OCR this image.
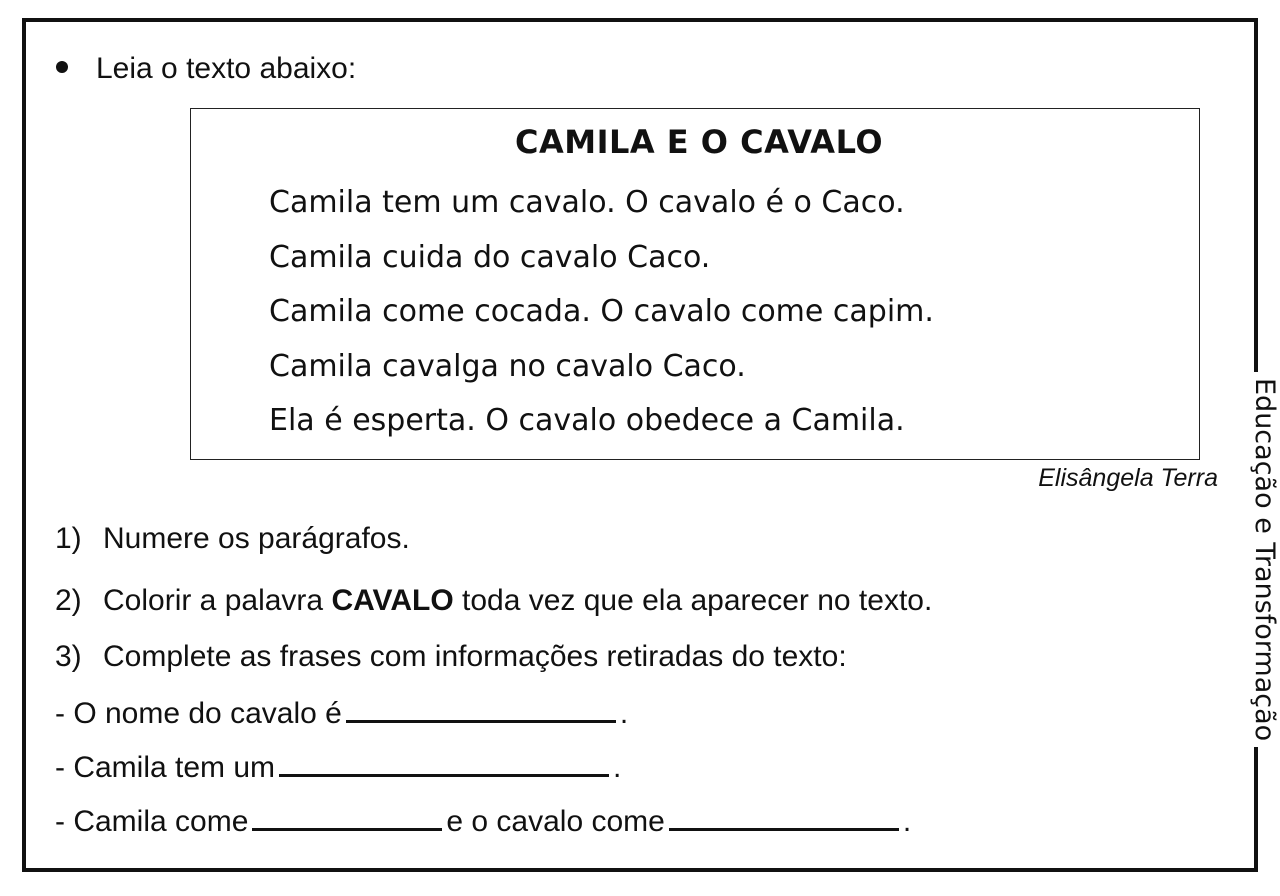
Leia o texto abaixo:
CAMILA E O CAVALO
Camila tem um cavalo. O cavalo é o Caco.
Camila cuida do cavalo Caco.
Camila come cocada. O cavalo come capim.
Camila cavalga no cavalo Caco.
Ela é esperta. O cavalo obedece a Camila.
Elisângela Terra
1) Numere os parágrafos.
2) Colorir a palavra CAVALO toda vez que ela aparecer no texto.
3) Complete as frases com informações retiradas do texto:
- O nome do cavalo é	.
- Camila tem um	.
- Camila come	e o cavalo come	.
Educação e Transformação
